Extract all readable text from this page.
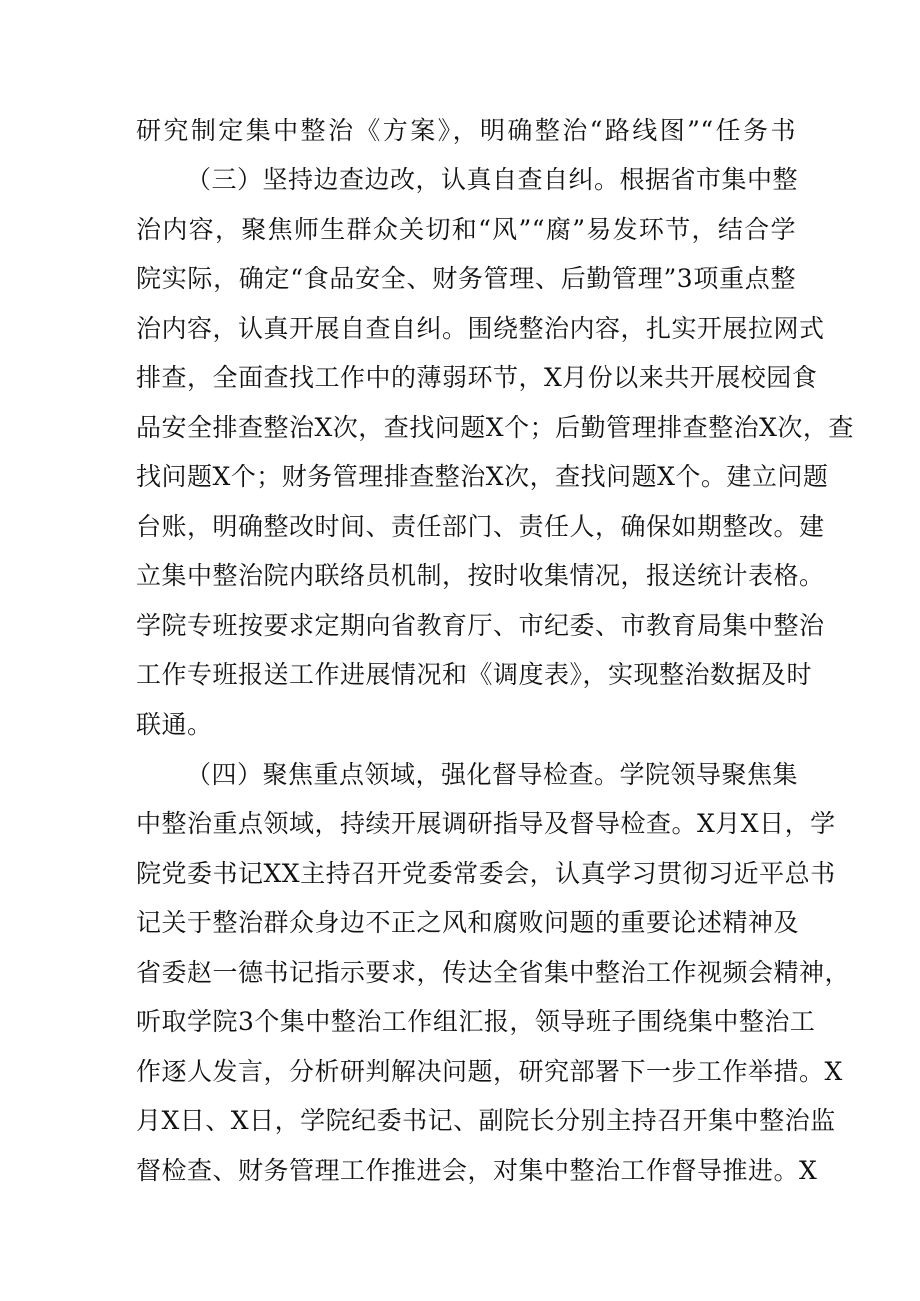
研究制定集中整治《方案》，明确整治“路线图”“任务书
（三）坚持边查边改，认真自查自纠。根据省市集中整
治内容，聚焦师生群众关切和“风”“腐”易发环节，结合学
院实际，确定“食品安全、财务管理、后勤管理”3项重点整
治内容，认真开展自查自纠。围绕整治内容，扎实开展拉网式
排查，全面查找工作中的薄弱环节，X月份以来共开展校园食
品安全排查整治X次，查找问题X个；后勤管理排查整治X次，查
找问题X个；财务管理排查整治X次，查找问题X个。建立问题
台账，明确整改时间、责任部门、责任人，确保如期整改。建
立集中整治院内联络员机制，按时收集情况，报送统计表格。
学院专班按要求定期向省教育厅、市纪委、市教育局集中整治
工作专班报送工作进展情况和《调度表》，实现整治数据及时
联通。
（四）聚焦重点领域，强化督导检查。学院领导聚焦集
中整治重点领域，持续开展调研指导及督导检查。X月X日，学
院党委书记XX主持召开党委常委会，认真学习贯彻习近平总书
记关于整治群众身边不正之风和腐败问题的重要论述精神及
省委赵一德书记指示要求，传达全省集中整治工作视频会精神，
听取学院3个集中整治工作组汇报，领导班子围绕集中整治工
作逐人发言，分析研判解决问题，研究部署下一步工作举措。X
月X日、X日，学院纪委书记、副院长分别主持召开集中整治监
督检查、财务管理工作推进会，对集中整治工作督导推进。X
